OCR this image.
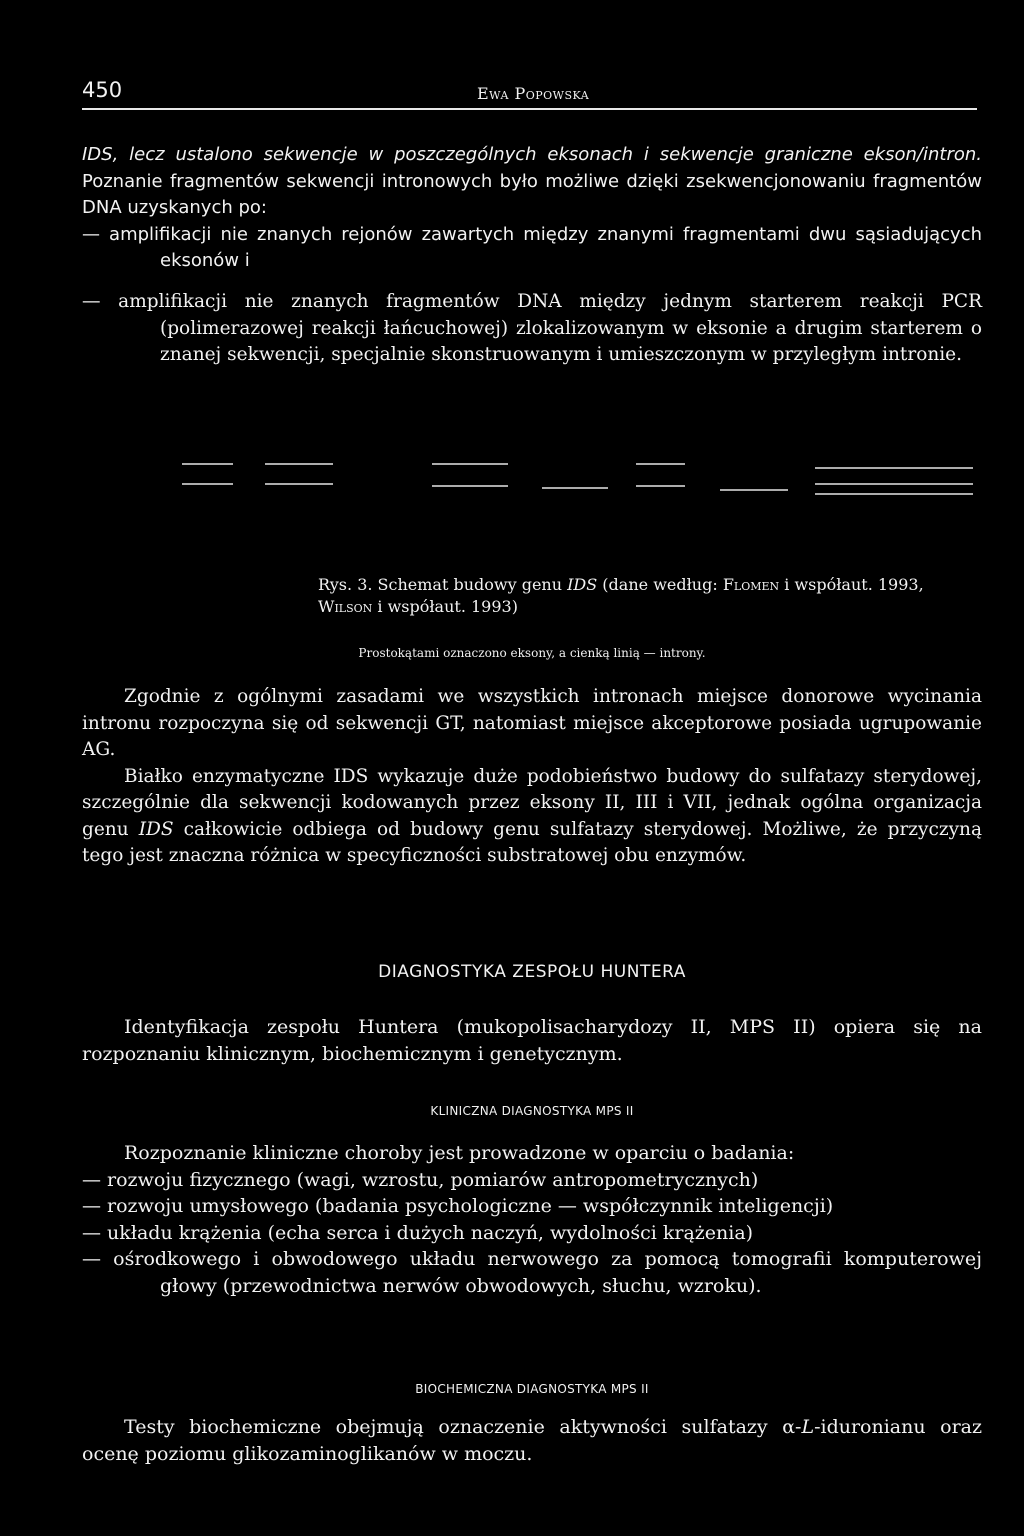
450	Ewa Popowska

IDS, lecz ustalono sekwencje w poszczególnych eksonach i sekwencje graniczne ekson/intron. Poznanie fragmentów sekwencji intronowych było możliwe dzięki zsekwencjonowaniu fragmentów DNA uzyskanych po:

— amplifikacji nie znanych rejonów zawartych między znanymi fragmentami dwu sąsiadujących eksonów i

— amplifikacji nie znanych fragmentów DNA między jednym starterem reakcji PCR (polimerazowej reakcji łańcuchowej) zlokalizowanym w eksonie a drugim starterem o znanej sekwencji, specjalnie skonstruowanym i umieszczonym w przyległym intronie.

Rys. 3. Schemat budowy genu IDS (dane według: Flomen i współaut. 1993, Wilson i współaut. 1993)
Prostokątami oznaczono eksony, a cienką linią — introny.

Zgodnie z ogólnymi zasadami we wszystkich intronach miejsce donorowe wycinania intronu rozpoczyna się od sekwencji GT, natomiast miejsce akceptorowe posiada ugrupowanie AG.

Białko enzymatyczne IDS wykazuje duże podobieństwo budowy do sulfatazy sterydowej, szczególnie dla sekwencji kodowanych przez eksony II, III i VII, jednak ogólna organizacja genu IDS całkowicie odbiega od budowy genu sulfatazy sterydowej. Możliwe, że przyczyną tego jest znaczna różnica w specyficzności substratowej obu enzymów.

DIAGNOSTYKA ZESPOŁU HUNTERA

Identyfikacja zespołu Huntera (mukopolisacharydozy II, MPS II) opiera się na rozpoznaniu klinicznym, biochemicznym i genetycznym.

KLINICZNA DIAGNOSTYKA MPS II

Rozpoznanie kliniczne choroby jest prowadzone w oparciu o badania:

— rozwoju fizycznego (wagi, wzrostu, pomiarów antropometrycznych)

— rozwoju umysłowego (badania psychologiczne — współczynnik inteligencji)

— układu krążenia (echa serca i dużych naczyń, wydolności krążenia)

— ośrodkowego i obwodowego układu nerwowego za pomocą tomografii komputerowej głowy (przewodnictwa nerwów obwodowych, słuchu, wzroku).

BIOCHEMICZNA DIAGNOSTYKA MPS II

Testy biochemiczne obejmują oznaczenie aktywności sulfatazy α-L-iduronianu oraz ocenę poziomu glikozaminoglikanów w moczu.
